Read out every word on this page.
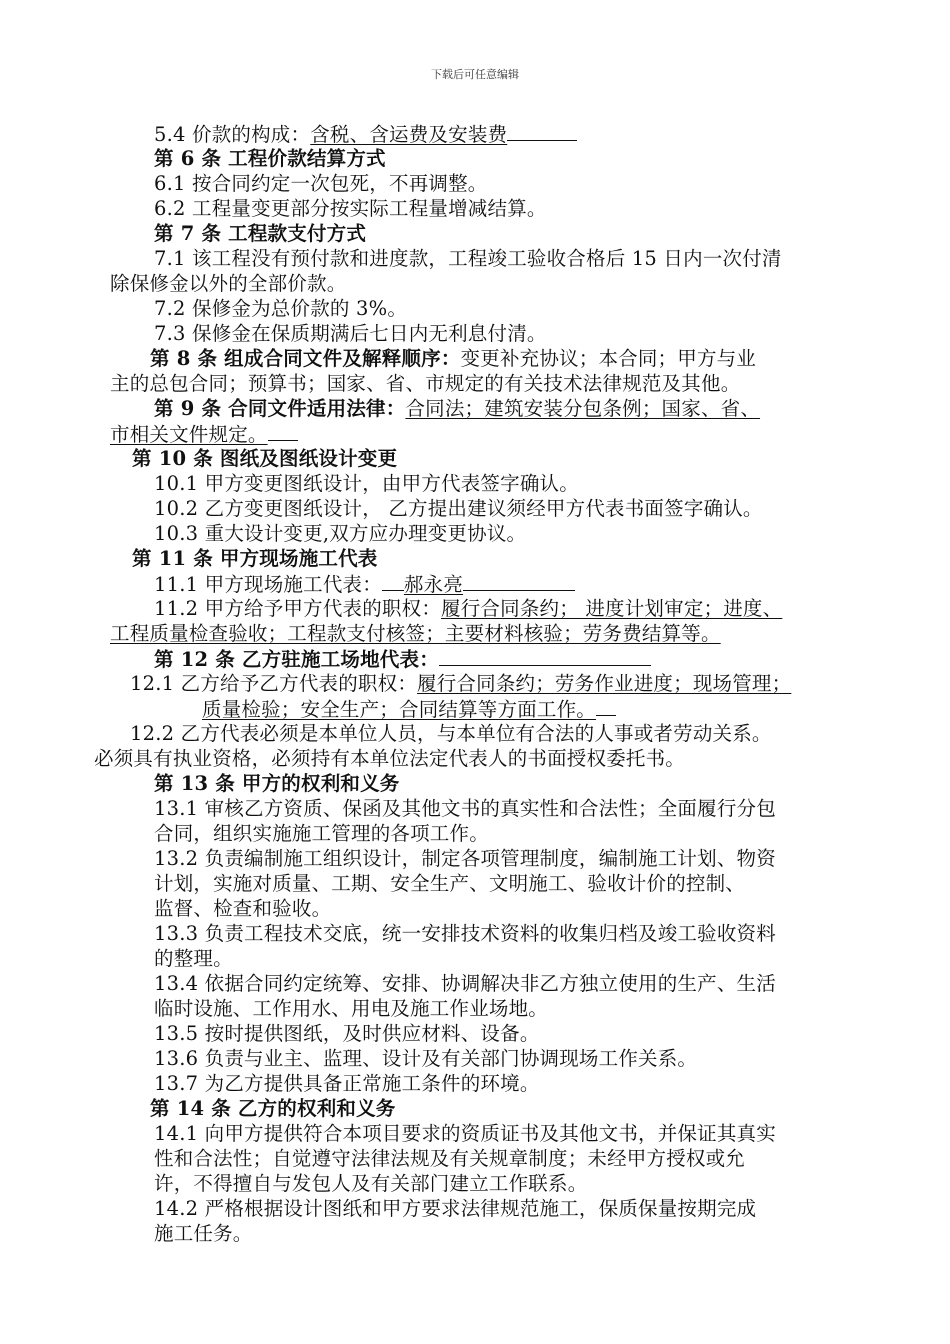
下载后可任意编辑
5.4 价款的构成：含税、含运费及安装费
第 6 条 工程价款结算方式
6.1 按合同约定一次包死，不再调整。
6.2 工程量变更部分按实际工程量增减结算。
第 7 条 工程款支付方式
7.1 该工程没有预付款和进度款，工程竣工验收合格后 15 日内一次付清
除保修金以外的全部价款。
7.2 保修金为总价款的 3%。
7.3 保修金在保质期满后七日内无利息付清。
第 8 条 组成合同文件及解释顺序：变更补充协议；本合同；甲方与业
主的总包合同；预算书；国家、省、市规定的有关技术法律规范及其他。
第 9 条 合同文件适用法律：合同法；建筑安装分包条例；国家、省、
市相关文件规定。
第 10 条 图纸及图纸设计变更
10.1 甲方变更图纸设计，由甲方代表签字确认。
10.2 乙方变更图纸设计， 乙方提出建议须经甲方代表书面签字确认。
10.3 重大设计变更,双方应办理变更协议。
第 11 条 甲方现场施工代表
11.1 甲方现场施工代表： 郝永亮
11.2 甲方给予甲方代表的职权：履行合同条约； 进度计划审定；进度、
工程质量检查验收；工程款支付核签；主要材料核验；劳务费结算等。
第 12 条 乙方驻施工场地代表：
12.1 乙方给予乙方代表的职权：履行合同条约；劳务作业进度；现场管理；
质量检验；安全生产；合同结算等方面工作。
12.2 乙方代表必须是本单位人员，与本单位有合法的人事或者劳动关系。
必须具有执业资格，必须持有本单位法定代表人的书面授权委托书。
第 13 条 甲方的权利和义务
13.1 审核乙方资质、保函及其他文书的真实性和合法性；全面履行分包
合同，组织实施施工管理的各项工作。
13.2 负责编制施工组织设计，制定各项管理制度，编制施工计划、物资
计划，实施对质量、工期、安全生产、文明施工、验收计价的控制、
监督、检查和验收。
13.3 负责工程技术交底，统一安排技术资料的收集归档及竣工验收资料
的整理。
13.4 依据合同约定统筹、安排、协调解决非乙方独立使用的生产、生活
临时设施、工作用水、用电及施工作业场地。
13.5 按时提供图纸，及时供应材料、设备。
13.6 负责与业主、监理、设计及有关部门协调现场工作关系。
13.7 为乙方提供具备正常施工条件的环境。
第 14 条 乙方的权利和义务
14.1 向甲方提供符合本项目要求的资质证书及其他文书，并保证其真实
性和合法性；自觉遵守法律法规及有关规章制度；未经甲方授权或允
许，不得擅自与发包人及有关部门建立工作联系。
14.2 严格根据设计图纸和甲方要求法律规范施工，保质保量按期完成
施工任务。
